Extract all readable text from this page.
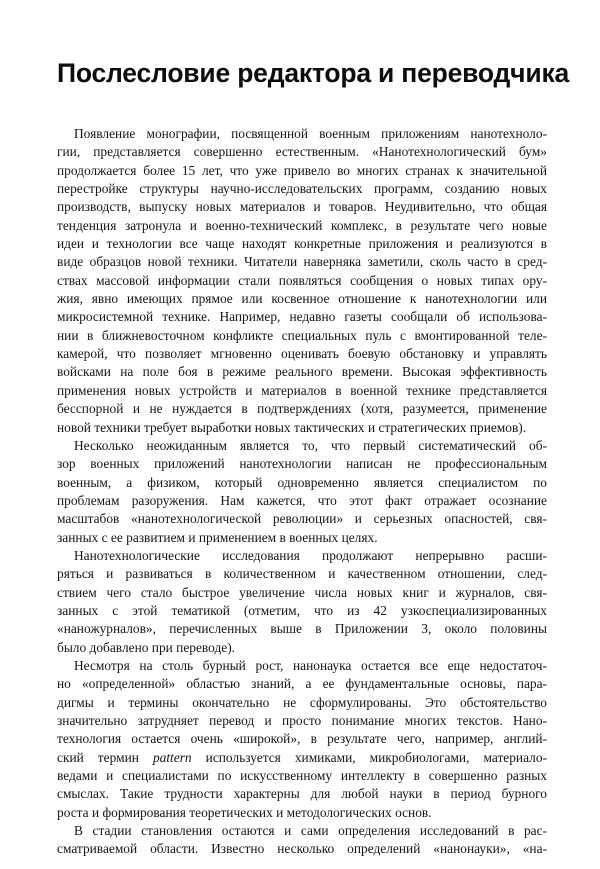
Послесловие редактора и переводчика
Появление монографии, посвященной военным приложениям нанотехноло-
гии, представляется совершенно естественным. «Нанотехнологический бум»
продолжается более 15 лет, что уже привело во многих странах к значительной
перестройке структуры научно-исследовательских программ, созданию новых
производств, выпуску новых материалов и товаров. Неудивительно, что общая
тенденция затронула и военно-технический комплекс, в результате чего новые
идеи и технологии все чаще находят конкретные приложения и реализуются в
виде образцов новой техники. Читатели наверняка заметили, сколь часто в сред-
ствах массовой информации стали появляться сообщения о новых типах ору-
жия, явно имеющих прямое или косвенное отношение к нанотехнологии или
микросистемной технике. Например, недавно газеты сообщали об использова-
нии в ближневосточном конфликте специальных пуль с вмонтированной теле-
камерой, что позволяет мгновенно оценивать боевую обстановку и управлять
войсками на поле боя в режиме реального времени. Высокая эффективность
применения новых устройств и материалов в военной технике представляется
бесспорной и не нуждается в подтверждениях (хотя, разумеется, применение
новой техники требует выработки новых тактических и стратегических приемов).
Несколько неожиданным является то, что первый систематический об-
зор военных приложений нанотехнологии написан не профессиональным
военным, а физиком, который одновременно является специалистом по
проблемам разоружения. Нам кажется, что этот факт отражает осознание
масштабов «нанотехнологической революции» и серьезных опасностей, свя-
занных с ее развитием и применением в военных целях.
Нанотехнологические исследования продолжают непрерывно расши-
ряться и развиваться в количественном и качественном отношении, след-
ствием чего стало быстрое увеличение числа новых книг и журналов, свя-
занных с этой тематикой (отметим, что из 42 узкоспециализированных
«наножурналов», перечисленных выше в Приложении 3, около половины
было добавлено при переводе).
Несмотря на столь бурный рост, нанонаука остается все еще недостаточ-
но «определенной» областью знаний, а ее фундаментальные основы, пара-
дигмы и термины окончательно не сформулированы. Это обстоятельство
значительно затрудняет перевод и просто понимание многих текстов. Нано-
технология остается очень «широкой», в результате чего, например, англий-
ский термин pattern используется химиками, микробиологами, материало-
ведами и специалистами по искусственному интеллекту в совершенно разных
смыслах. Такие трудности характерны для любой науки в период бурного
роста и формирования теоретических и методологических основ.
В стадии становления остаются и сами определения исследований в рас-
сматриваемой области. Известно несколько определений «нанонауки», «на-
